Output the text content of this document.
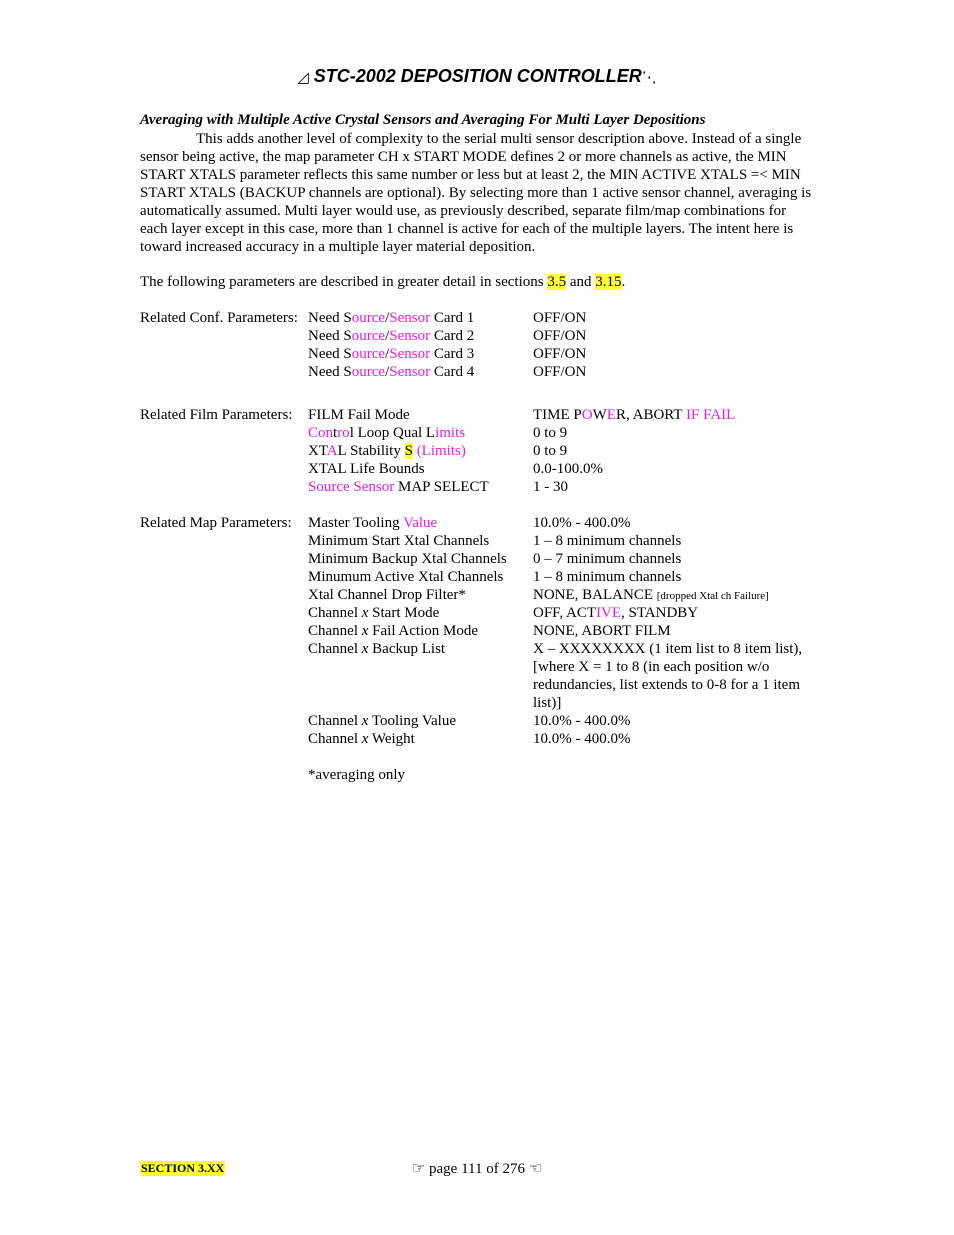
◿ STC-2002 DEPOSITION CONTROLLER⋱
Averaging with Multiple Active Crystal Sensors and Averaging For Multi Layer Depositions
This adds another level of complexity to the serial multi sensor description above. Instead of a single sensor being active, the map parameter CH x START MODE defines 2 or more channels as active, the MIN START XTALS parameter reflects this same number or less but at least 2, the MIN ACTIVE XTALS =< MIN START XTALS (BACKUP channels are optional). By selecting more than 1 active sensor channel, averaging is automatically assumed. Multi layer would use, as previously described, separate film/map combinations for each layer except in this case, more than 1 channel is active for each of the multiple layers. The intent here is toward increased accuracy in a multiple layer material deposition.
The following parameters are described in greater detail in sections 3.5 and 3.15.
Related Conf. Parameters: Need Source/Sensor Card 1	OFF/ON
Need Source/Sensor Card 2	OFF/ON
Need Source/Sensor Card 3	OFF/ON
Need Source/Sensor Card 4	OFF/ON
Related Film Parameters: FILM Fail Mode	TIME POWER, ABORT IF FAIL
Control Loop Qual Limits	0 to 9
XTAL Stability S (Limits)	0 to 9
XTAL Life Bounds	0.0-100.0%
Source Sensor MAP SELECT	1 - 30
Related Map Parameters: Master Tooling Value	10.0% - 400.0%
Minimum Start Xtal Channels	1 – 8 minimum channels
Minimum Backup Xtal Channels 0 – 7 minimum channels
Minumum Active Xtal Channels 1 – 8 minimum channels
Xtal Channel Drop Filter*	NONE, BALANCE [dropped Xtal ch Failure]
Channel x Start Mode	OFF, ACTIVE, STANDBY
Channel x Fail Action Mode	NONE, ABORT FILM
Channel x Backup List	X – XXXXXXXX (1 item list to 8 item list), [where X = 1 to 8 (in each position w/o redundancies, list extends to 0-8 for a 1 item list)]
Channel x Tooling Value	10.0% - 400.0%
Channel x Weight	10.0% - 400.0%
*averaging only
SECTION 3.XX	☞ page 111 of 276 ☜
